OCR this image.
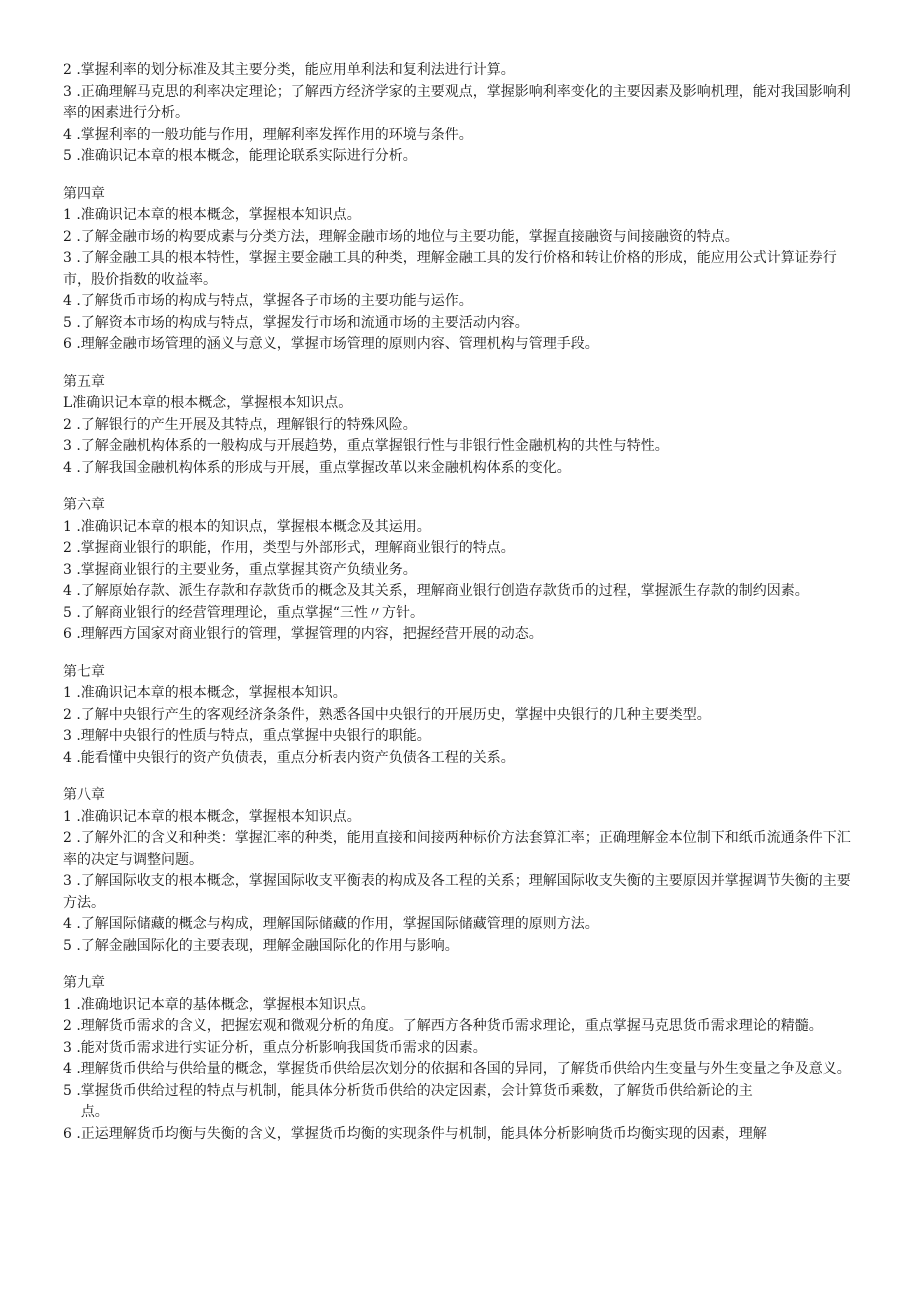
2 .掌握利率的划分标准及其主要分类，能应用单利法和复利法进行计算。

3 .正确理解马克思的利率决定理论；了解西方经济学家的主要观点，掌握影响利率变化的主要因素及影响机理，能对我国影响利率的困素进行分析。

4 .掌握利率的一般功能与作用，理解利率发挥作用的环境与条件。

5 .准确识记本章的根本概念，能理论联系实际进行分析。

第四章

1 .准确识记本章的根本概念，掌握根本知识点。

2 .了解金融市场的构要成素与分类方法，理解金融市场的地位与主要功能，掌握直接融资与间接融资的特点。

3 .了解金融工具的根本特性，掌握主要金融工具的种类，理解金融工具的发行价格和转让价格的形成，能应用公式计算证券行市，股价指数的收益率。

4 .了解货币市场的构成与特点，掌握各子市场的主要功能与运作。

5 .了解资本市场的构成与特点，掌握发行市场和流通市场的主要活动内容。

6 .理解金融市场管理的涵义与意义，掌握市场管理的原则内容、管理机构与管理手段。

第五章

L准确识记本章的根本概念，掌握根本知识点。

2 .了解银行的产生开展及其特点，理解银行的特殊风险。

3 .了解金融机构体系的一般构成与开展趋势，重点掌握银行性与非银行性金融机构的共性与特性。

4 .了解我国金融机构体系的形成与开展，重点掌握改革以来金融机构体系的变化。

第六章

1 .准确识记本章的根本的知识点，掌握根本概念及其运用。

2 .掌握商业银行的职能，作用，类型与外部形式，理解商业银行的特点。

3 .掌握商业银行的主要业务，重点掌握其资产负绩业务。

4 .了解原始存款、派生存款和存款货币的概念及其关系，理解商业银行创造存款货币的过程，掌握派生存款的制约因素。

5 .了解商业银行的经营管理理论，重点掌握“三性〃方针。

6 .理解西方国家对商业银行的管理，掌握管理的内容，把握经营开展的动态。

第七章

1 .准确识记本章的根本概念，掌握根本知识。

2 .了解中央银行产生的客观经济条条件，熟悉各国中央银行的开展历史，掌握中央银行的几种主要类型。

3 .理解中央银行的性质与特点，重点掌握中央银行的职能。

4 .能看懂中央银行的资产负债表，重点分析表内资产负债各工程的关系。

第八章

1 .准确识记本章的根本概念，掌握根本知识点。

2 .了解外汇的含义和种类：掌握汇率的种类，能用直接和间接两种标价方法套算汇率；正确理解金本位制下和纸币流通条件下汇率的决定与调整问题。

3 .了解国际收支的根本概念，掌握国际收支平衡表的构成及各工程的关系；理解国际收支失衡的主要原因并掌握调节失衡的主要方法。

4 .了解国际储藏的概念与构成，理解国际储藏的作用，掌握国际储藏管理的原则方法。

5 .了解金融国际化的主要表现，理解金融国际化的作用与影响。

第九章

1 .准确地识记本章的基体概念，掌握根本知识点。

2 .理解货币需求的含义，把握宏观和微观分析的角度。了解西方各种货币需求理论，重点掌握马克思货币需求理论的精髓。

3 .能对货币需求进行实证分析，重点分析影响我国货币需求的因素。

4 .理解货币供给与供给量的概念，掌握货币供给层次划分的依据和各国的异同，了解货币供给内生变量与外生变量之争及意义。

5 .掌握货币供给过程的特点与机制，能具体分析货币供给的决定因素，会计算货币乘数，了解货币供给新论的主
点。

6 .正运理解货币均衡与失衡的含义，掌握货币均衡的实现条件与机制，能具体分析影响货币均衡实现的因素，理解
